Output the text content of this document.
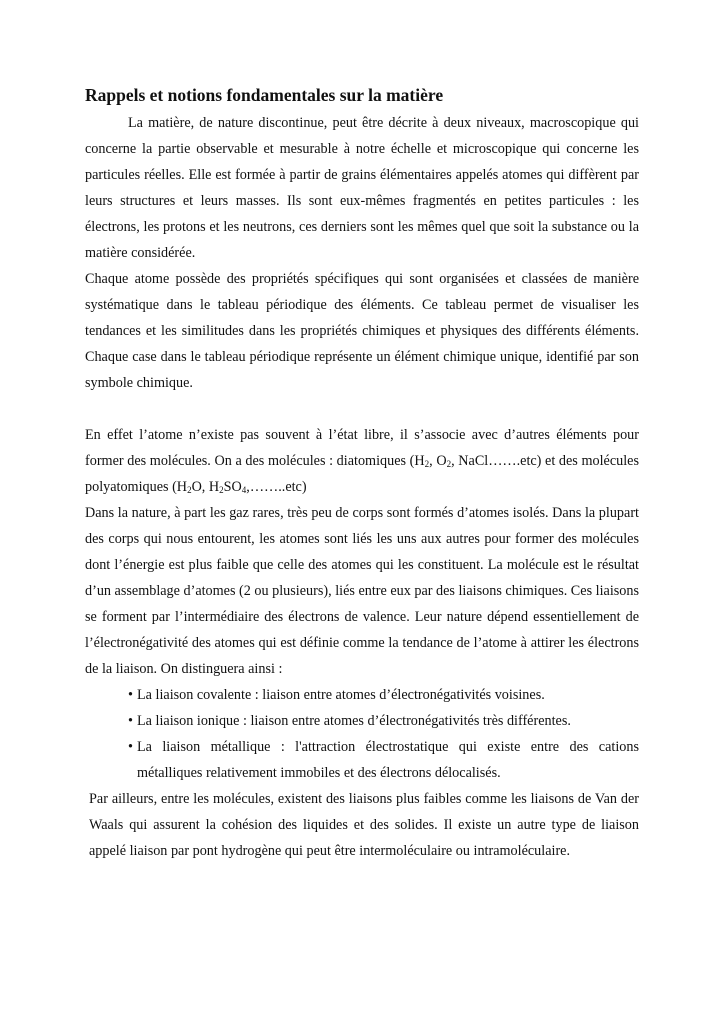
Rappels et notions fondamentales sur la matière

La matière, de nature discontinue, peut être décrite à deux niveaux, macroscopique qui concerne la partie observable et mesurable à notre échelle et microscopique qui concerne les particules réelles. Elle est formée à partir de grains élémentaires appelés atomes qui diffèrent par leurs structures et leurs masses. Ils sont eux-mêmes fragmentés en petites particules : les électrons, les protons et les neutrons, ces derniers sont les mêmes quel que soit la substance ou la matière considérée.

Chaque atome possède des propriétés spécifiques qui sont organisées et classées de manière systématique dans le tableau périodique des éléments. Ce tableau permet de visualiser les tendances et les similitudes dans les propriétés chimiques et physiques des différents éléments. Chaque case dans le tableau périodique représente un élément chimique unique, identifié par son symbole chimique.

En effet l’atome n’existe pas souvent à l’état libre, il s’associe avec d’autres éléments pour former des molécules. On a des molécules : diatomiques ($H_2$, $O_2$, NaCl…….etc) et des molécules polyatomiques ($H_2O$, $H_2SO_4,\dots\dots..etc$)

Dans la nature, à part les gaz rares, très peu de corps sont formés d’atomes isolés. Dans la plupart des corps qui nous entourent, les atomes sont liés les uns aux autres pour former des molécules dont l’énergie est plus faible que celle des atomes qui les constituent. La molécule est le résultat d’un assemblage d’atomes (2 ou plusieurs), liés entre eux par des liaisons chimiques. Ces liaisons se forment par l’intermédiaire des électrons de valence. Leur nature dépend essentiellement de l’électronégativité des atomes qui est définie comme la tendance de l’atome à attirer les électrons de la liaison. On distinguera ainsi :

• La liaison covalente : liaison entre atomes d’électronégativités voisines.
• La liaison ionique : liaison entre atomes d’électronégativités très différentes.
• La liaison métallique : l'attraction électrostatique qui existe entre des cations métalliques relativement immobiles et des électrons délocalisés.

Par ailleurs, entre les molécules, existent des liaisons plus faibles comme les liaisons de Van der Waals qui assurent la cohésion des liquides et des solides. Il existe un autre type de liaison appelé liaison par pont hydrogène qui peut être intermoléculaire ou intramoléculaire.
